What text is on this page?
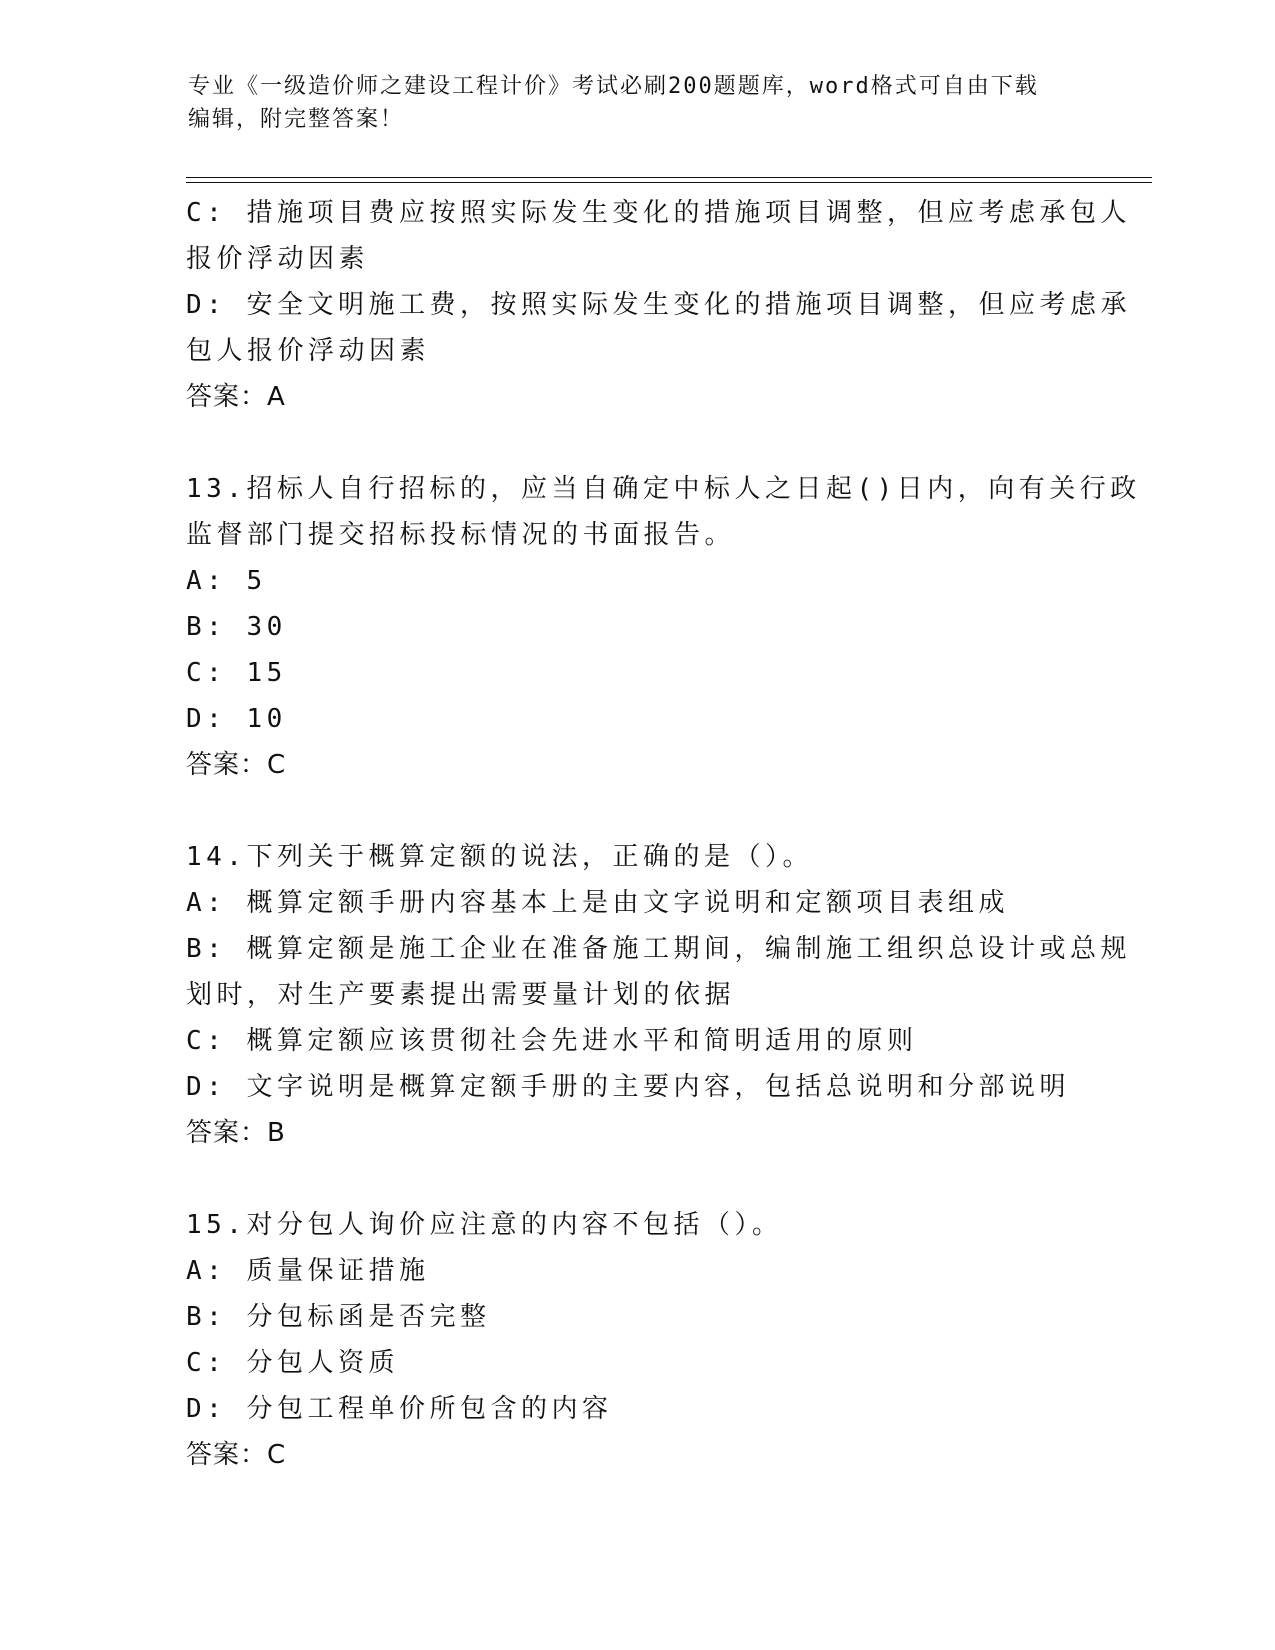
专业《一级造价师之建设工程计价》考试必刷200题题库，word格式可自由下载
编辑，附完整答案！
C: 措施项目费应按照实际发生变化的措施项目调整，但应考虑承包人
报价浮动因素
D: 安全文明施工费，按照实际发生变化的措施项目调整，但应考虑承
包人报价浮动因素
答案：A
13.招标人自行招标的，应当自确定中标人之日起()日内，向有关行政
监督部门提交招标投标情况的书面报告。
A: 5
B: 30
C: 15
D: 10
答案：C
14.下列关于概算定额的说法，正确的是（）。
A: 概算定额手册内容基本上是由文字说明和定额项目表组成
B: 概算定额是施工企业在准备施工期间，编制施工组织总设计或总规
划时，对生产要素提出需要量计划的依据
C: 概算定额应该贯彻社会先进水平和简明适用的原则
D: 文字说明是概算定额手册的主要内容，包括总说明和分部说明
答案：B
15.对分包人询价应注意的内容不包括（）。
A: 质量保证措施
B: 分包标函是否完整
C: 分包人资质
D: 分包工程单价所包含的内容
答案：C
